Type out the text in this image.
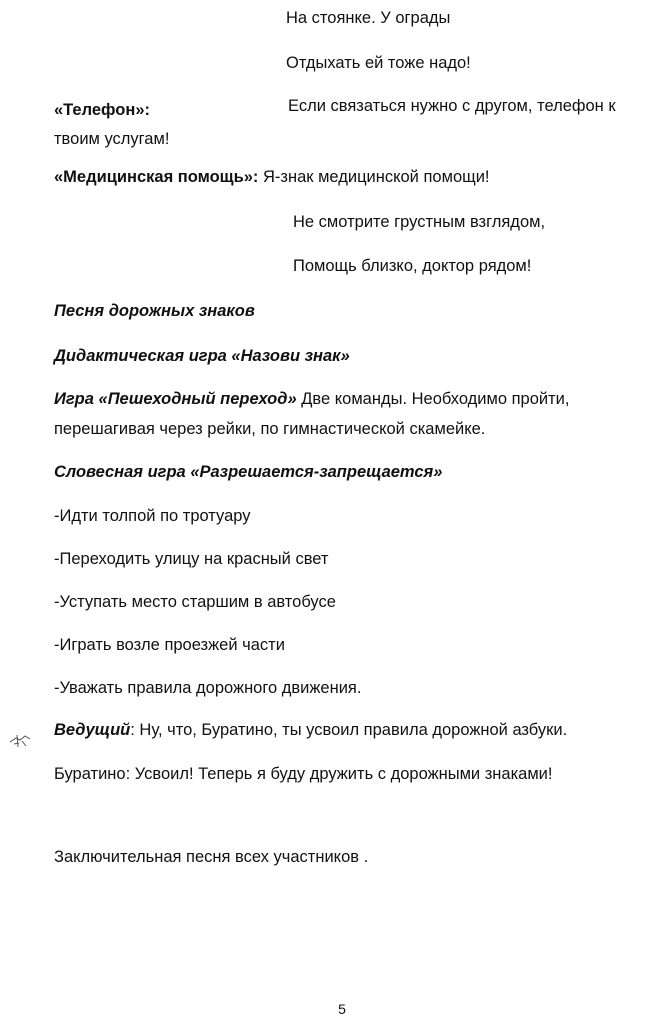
На стоянке. У ограды
Отдыхать ей тоже надо!
«Телефон»:	Если связаться нужно с другом, телефон к
твоим услугам!
«Медицинская помощь»: Я-знак медицинской помощи!
Не смотрите грустным взглядом,
Помощь близко, доктор рядом!
Песня дорожных знаков
Дидактическая игра «Назови знак»
Игра «Пешеходный переход» Две команды. Необходимо пройти,
перешагивая через рейки, по гимнастической скамейке.
Словесная игра «Разрешается-запрещается»
-Идти толпой по тротуару
-Переходить улицу на красный свет
-Уступать место старшим в автобусе
-Играть возле проезжей части
-Уважать правила дорожного движения.
Ведущий: Ну, что, Буратино, ты усвоил правила дорожной азбуки.
Буратино: Усвоил! Теперь я буду дружить с дорожными знаками!
Заключительная песня всех участников .
5
